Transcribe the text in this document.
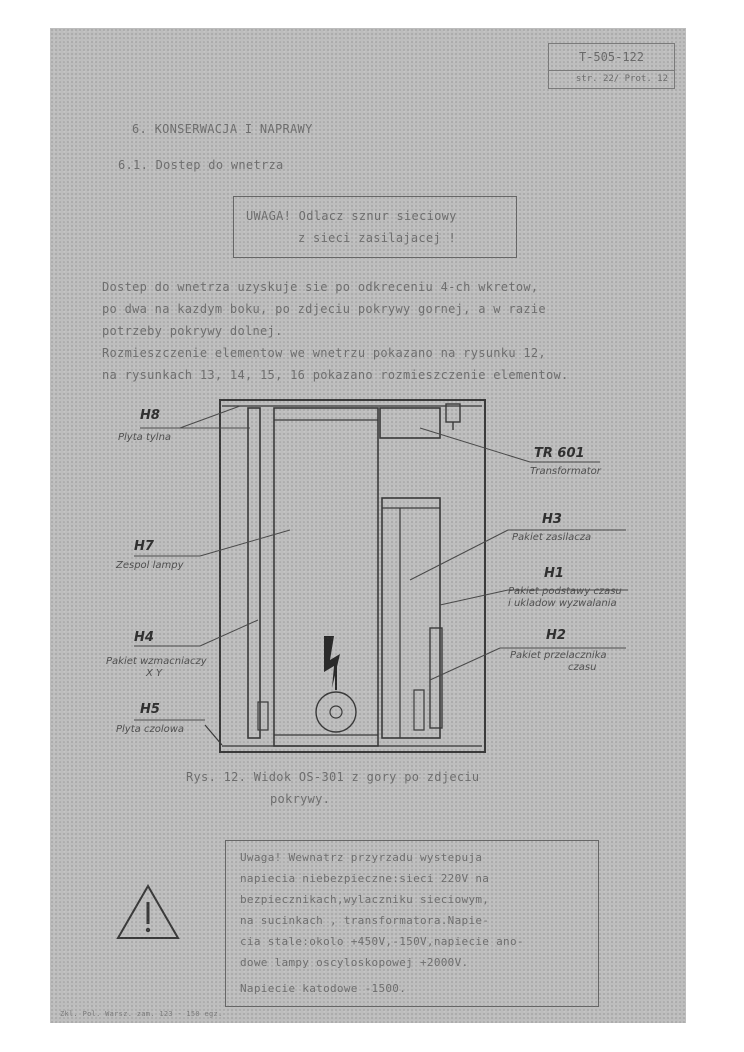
T-505-122
str. 22/ Prot. 12
6. KONSERWACJA I NAPRAWY
6.1. Dostep do wnetrza
UWAGA! Odlacz sznur sieciowy
z sieci zasilajacej !
Dostep do wnetrza uzyskuje sie po odkreceniu 4-ch wkretow,
po dwa na kazdym boku, po zdjeciu pokrywy gornej, a w razie
potrzeby pokrywy dolnej.
Rozmieszczenie elementow we wnetrzu pokazano na rysunku 12,
na rysunkach 13, 14, 15, 16 pokazano rozmieszczenie elementow.
H8
Plyta tylna
TR 601
Transformator
H3
Pakiet zasilacza
H7
Zespol lampy
H1
Pakiet podstawy czasu
i ukladow wyzwalania
H4
Pakiet wzmacniaczy
X Y
H2
Pakiet przelacznika
czasu
H5
Plyta czolowa
Rys. 12. Widok OS-301 z gory po zdjeciu
pokrywy.
Uwaga! Wewnatrz przyrzadu wystepuja
napiecia niebezpieczne:sieci 220V na
bezpiecznikach,wylaczniku sieciowym,
na sucinkach , transformatora.Napie-
cia stale:okolo +450V,-150V,napiecie ano-
dowe lampy oscyloskopowej +2000V.
Napiecie katodowe -1500.
Zkl. Pol. Warsz. zam. 123 - 150 egz.
